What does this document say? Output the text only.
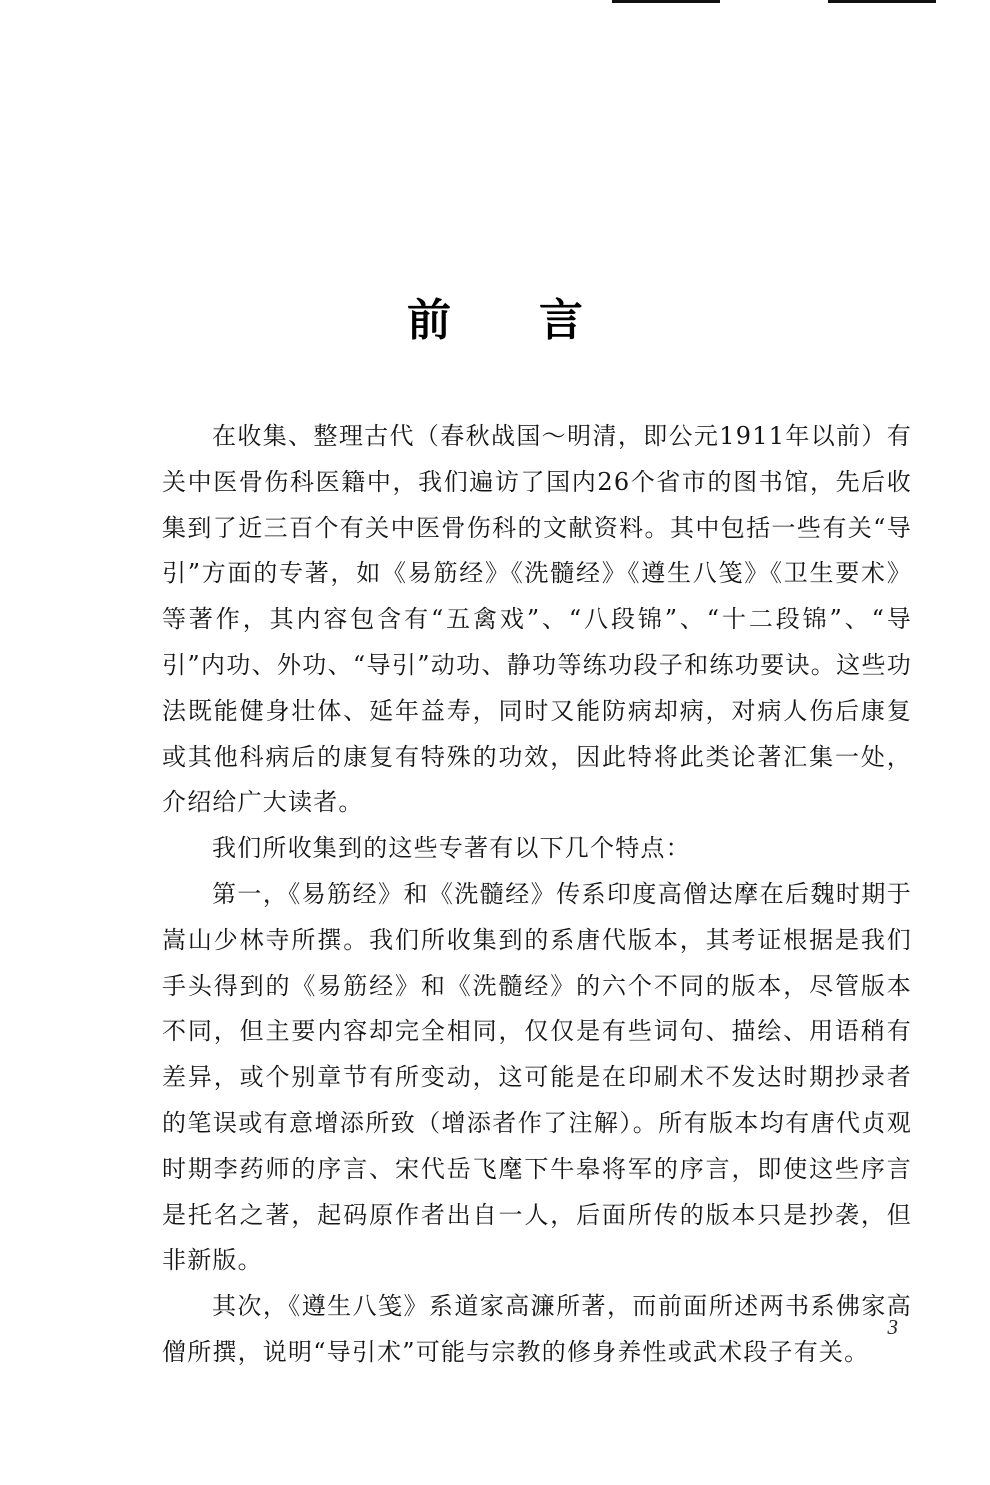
前言

在收集、整理古代（春秋战国～明清，即公元1911年以前）有关中医骨伤科医籍中，我们遍访了国内26个省市的图书馆，先后收集到了近三百个有关中医骨伤科的文献资料。其中包括一些有关“导引”方面的专著，如《易筋经》《洗髓经》《遵生八笺》《卫生要术》等著作，其内容包含有“五禽戏”、“八段锦”、“十二段锦”、“导引”内功、外功、“导引”动功、静功等练功段子和练功要诀。这些功法既能健身壮体、延年益寿，同时又能防病却病，对病人伤后康复或其他科病后的康复有特殊的功效，因此特将此类论著汇集一处，介绍给广大读者。

我们所收集到的这些专著有以下几个特点：

第一，《易筋经》和《洗髓经》传系印度高僧达摩在后魏时期于嵩山少林寺所撰。我们所收集到的系唐代版本，其考证根据是我们手头得到的《易筋经》和《洗髓经》的六个不同的版本，尽管版本不同，但主要内容却完全相同，仅仅是有些词句、描绘、用语稍有差异，或个别章节有所变动，这可能是在印刷术不发达时期抄录者的笔误或有意增添所致（增添者作了注解）。所有版本均有唐代贞观时期李药师的序言、宋代岳飞麾下牛皋将军的序言，即使这些序言是托名之著，起码原作者出自一人，后面所传的版本只是抄袭，但非新版。

其次，《遵生八笺》系道家高濂所著，而前面所述两书系佛家高僧所撰，说明“导引术”可能与宗教的修身养性或武术段子有关。

3
